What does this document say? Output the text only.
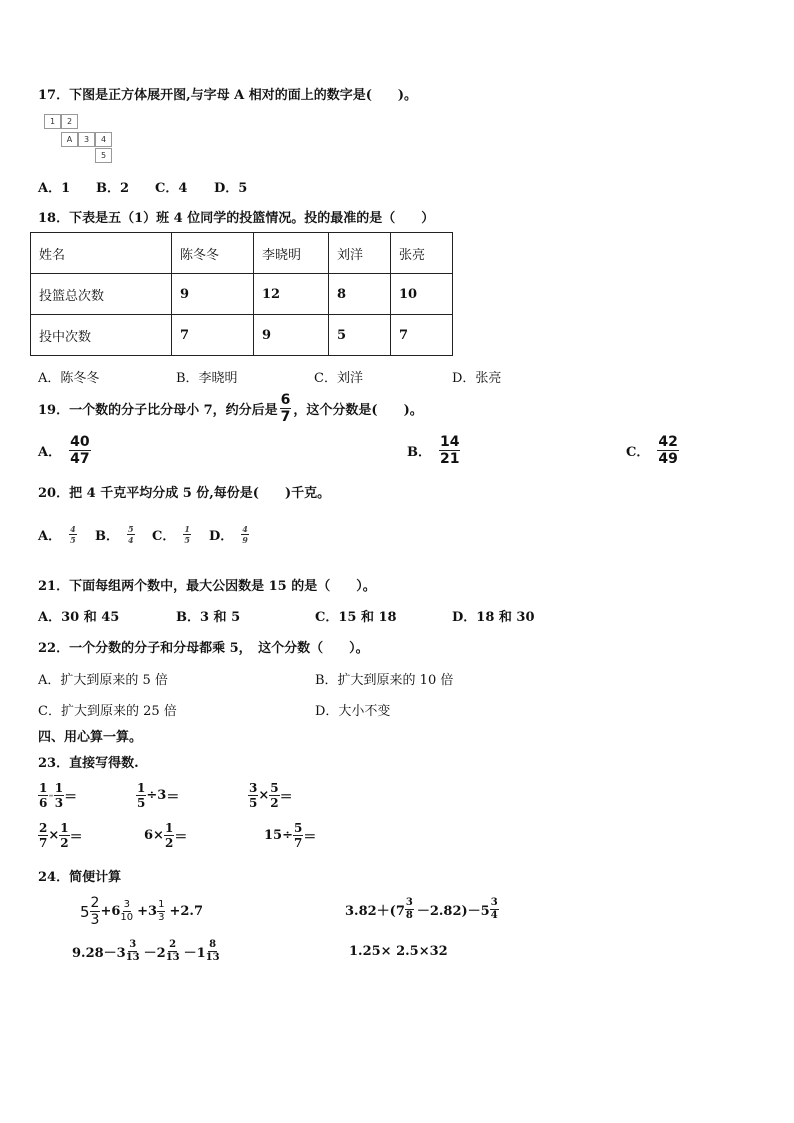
17．下图是正方体展开图,与字母 A 相对的面上的数字是(　　)。
1	2
A	3	4
5
A．1 B．2 C．4 D．5
18．下表是五（1）班 4 位同学的投篮情况。投的最准的是（　　）
姓名	陈冬冬	李晓明	刘洋	张亮
投篮总次数	9	12	8	10
投中次数	7	9	5	7
A．陈冬冬	B．李晓明	C．刘洋	D．张亮
19．一个数的分子比分母小 7，约分后是 $\frac{6}{7}$ ，这个分数是(　　)。
A． $\frac{40}{47}$	B． $\frac{14}{21}$	C． $\frac{42}{49}$
20．把 4 千克平均分成 5 份,每份是(　　)千克。
A． $\frac{4}{5}$ B． $\frac{5}{4}$ C． $\frac{1}{5}$ D． $\frac{4}{9}$
21．下面每组两个数中，最大公因数是 15 的是（　　）。
A．30 和 45	B．3 和 5	C．15 和 18	D．18 和 30
22．一个分数的分子和分母都乘 5，　这个分数（　　）。
A．扩大到原来的 5 倍	B．扩大到原来的 10 倍
C．扩大到原来的 25 倍	D．大小不变
四、用心算一算。
23．直接写得数.
$\frac{1}{6} - \frac{1}{3}$ ＝	$\frac{1}{5} \div 3$ ＝	$\frac{3}{5} \times \frac{5}{2}$ ＝
$\frac{2}{7} \times \frac{1}{2}$ ＝	$6\times \frac{1}{2}$ ＝	$15\div \frac{5}{7}$ ＝
24．简便计算
$5 \frac{2}{3} +6 \frac{3}{10} +3 \frac{1}{3} +2.7$	$3.82+(7 \frac{3}{8} -2.82)-5 \frac{3}{4}$
$9.28-3 \frac{3}{13} -2 \frac{2}{13} -1 \frac{8}{13}$	1.25× 2.5×32
